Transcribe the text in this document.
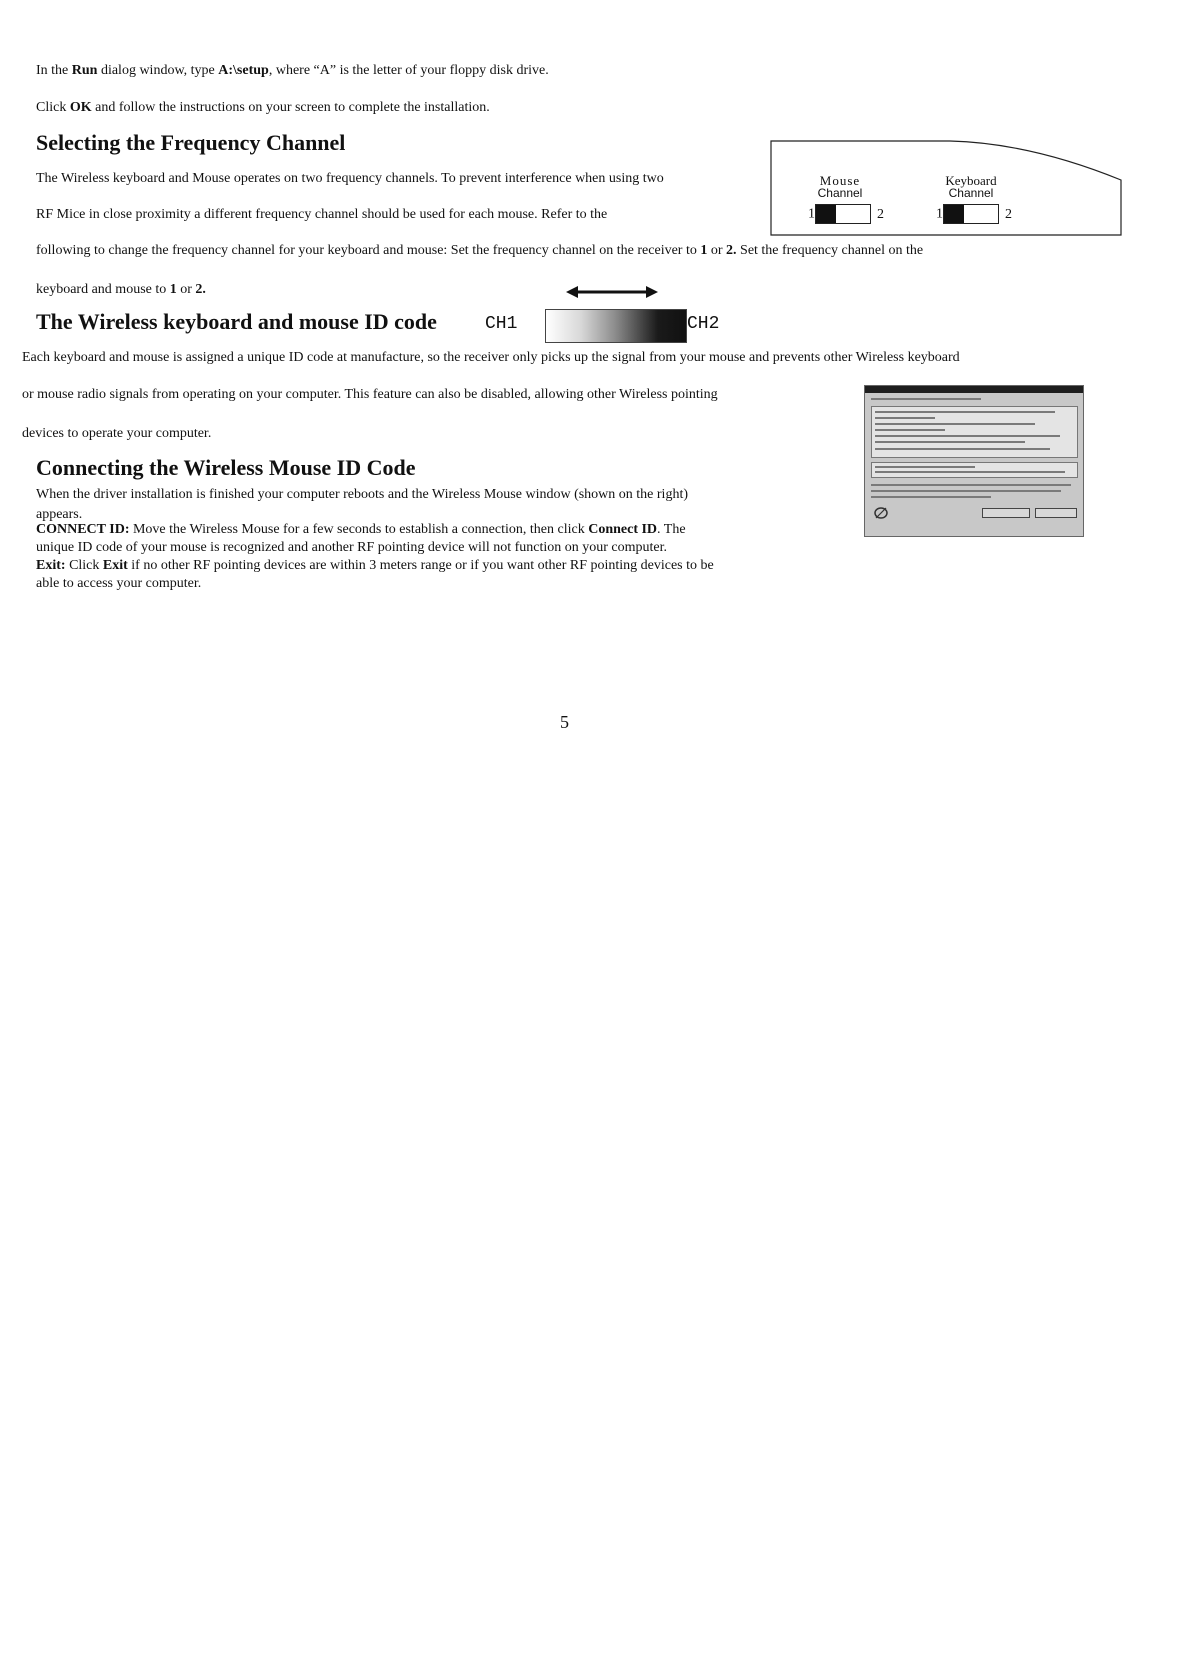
In the Run dialog window, type A:\setup, where “A” is the letter of your floppy disk drive.
Click OK and follow the instructions on your screen to complete the installation.
Selecting the Frequency Channel
The Wireless keyboard and Mouse operates on two frequency channels. To prevent interference when using two
RF Mice in close proximity a different frequency channel should be used for each mouse. Refer to the
following to change the frequency channel for your keyboard and mouse: Set the frequency channel on the receiver to 1 or 2. Set the frequency channel on the
keyboard and mouse to 1 or 2.
Mouse
Channel
Keyboard
Channel
1	2	1	2
The Wireless keyboard and mouse ID code	CH1	CH2
Each keyboard and mouse is assigned a unique ID code at manufacture, so the receiver only picks up the signal from your mouse and prevents other Wireless keyboard
or mouse radio signals from operating on your computer. This feature can also be disabled, allowing other Wireless pointing
devices to operate your computer.
Connecting the Wireless Mouse ID Code
When the driver installation is finished your computer reboots and the Wireless Mouse window (shown on the right)
appears.
CONNECT ID: Move the Wireless Mouse for a few seconds to establish a connection, then click Connect ID. The
unique ID code of your mouse is recognized and another RF pointing device will not function on your computer.
Exit: Click Exit if no other RF pointing devices are within 3 meters range or if you want other RF pointing devices to be
able to access your computer.
5
